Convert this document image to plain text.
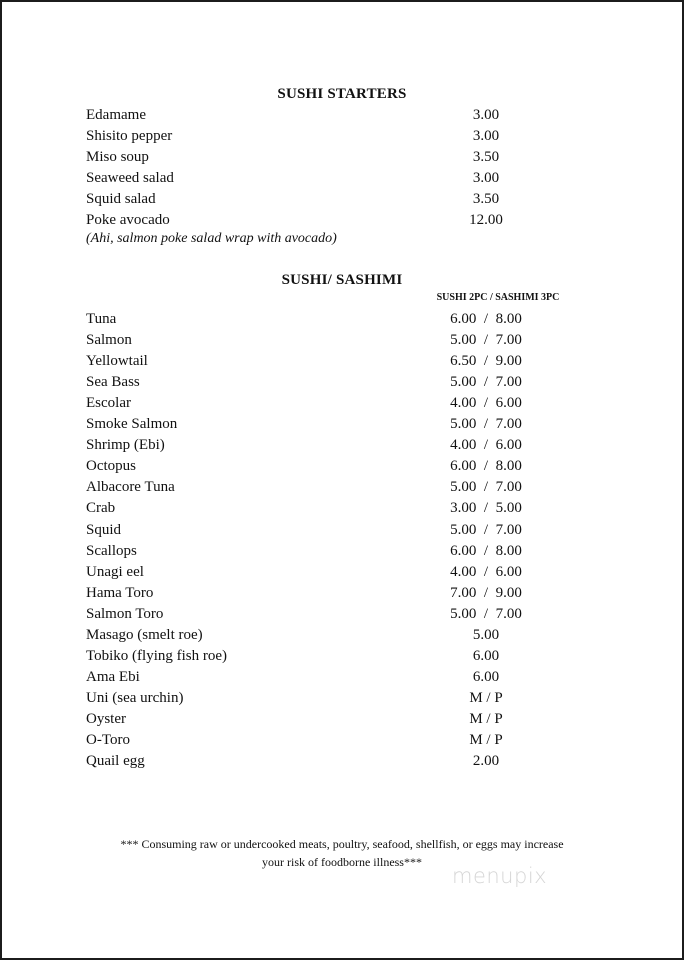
SUSHI STARTERS
Edamame	3.00
Shisito pepper	3.00
Miso soup	3.50
Seaweed salad	3.00
Squid salad	3.50
Poke avocado	12.00
(Ahi, salmon poke salad wrap with avocado)
SUSHI/ SASHIMI
SUSHI 2PC / SASHIMI 3PC
Tuna	6.00  /  8.00
Salmon	5.00  /  7.00
Yellowtail	6.50  /  9.00
Sea Bass	5.00  /  7.00
Escolar	4.00  /  6.00
Smoke Salmon	5.00  /  7.00
Shrimp (Ebi)	4.00  /  6.00
Octopus	6.00  /  8.00
Albacore Tuna	5.00  /  7.00
Crab	3.00  /  5.00
Squid	5.00  /  7.00
Scallops	6.00  /  8.00
Unagi eel	4.00  /  6.00
Hama Toro	7.00  /  9.00
Salmon Toro	5.00  /  7.00
Masago (smelt roe)	5.00
Tobiko (flying fish roe)	6.00
Ama Ebi	6.00
Uni (sea urchin)	M / P
Oyster	M / P
O-Toro	M / P
Quail egg	2.00
*** Consuming raw or undercooked meats, poultry, seafood, shellfish, or eggs may increase
your risk of foodborne illness***
menupix
